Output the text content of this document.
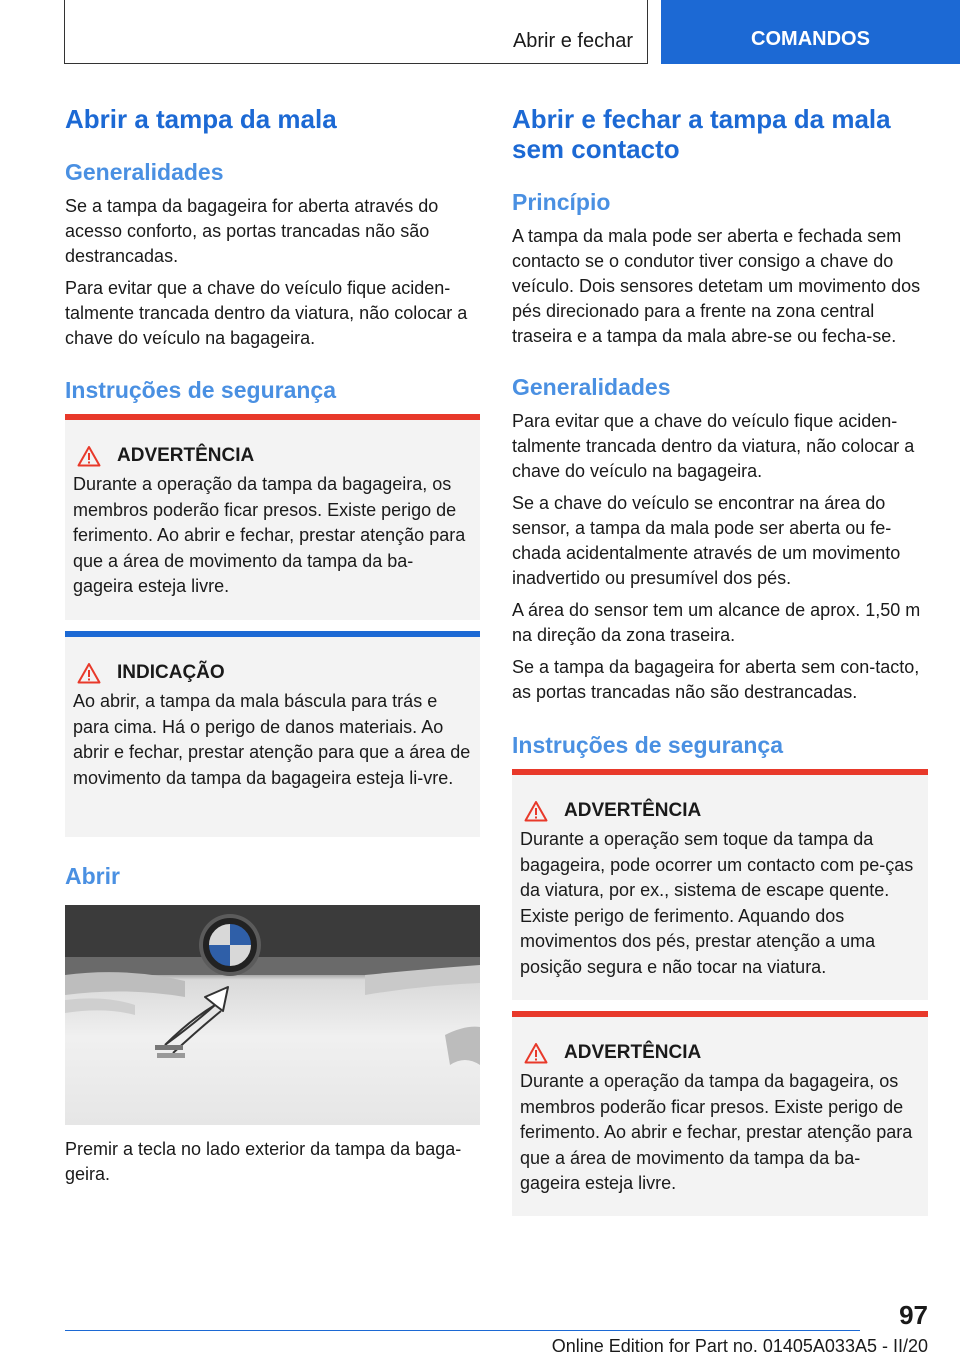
Abrir e fechar	COMANDOS
Abrir a tampa da mala
Generalidades
Se a tampa da bagageira for aberta através do acesso conforto, as portas trancadas não são destrancadas.
Para evitar que a chave do veículo fique aciden-talmente trancada dentro da viatura, não colocar a chave do veículo na bagageira.
Instruções de segurança
ADVERTÊNCIA
Durante a operação da tampa da bagageira, os membros poderão ficar presos. Existe perigo de ferimento. Ao abrir e fechar, prestar atenção para que a área de movimento da tampa da ba-gageira esteja livre.
INDICAÇÃO
Ao abrir, a tampa da mala báscula para trás e para cima. Há o perigo de danos materiais. Ao abrir e fechar, prestar atenção para que a área de movimento da tampa da bagageira esteja li-vre.
Abrir
Premir a tecla no lado exterior da tampa da baga-geira.
Abrir e fechar a tampa da mala sem contacto
Princípio
A tampa da mala pode ser aberta e fechada sem contacto se o condutor tiver consigo a chave do veículo. Dois sensores detetam um movimento dos pés direcionado para a frente na zona central traseira e a tampa da mala abre-se ou fecha-se.
Generalidades
Para evitar que a chave do veículo fique aciden-talmente trancada dentro da viatura, não colocar a chave do veículo na bagageira.
Se a chave do veículo se encontrar na área do sensor, a tampa da mala pode ser aberta ou fe-chada acidentalmente através de um movimento inadvertido ou presumível dos pés.
A área do sensor tem um alcance de aprox. 1,50 m na direção da zona traseira.
Se a tampa da bagageira for aberta sem con-tacto, as portas trancadas não são destrancadas.
Instruções de segurança
ADVERTÊNCIA
Durante a operação sem toque da tampa da bagageira, pode ocorrer um contacto com pe-ças da viatura, por ex., sistema de escape quente. Existe perigo de ferimento. Aquando dos movimentos dos pés, prestar atenção a uma posição segura e não tocar na viatura.
ADVERTÊNCIA
Durante a operação da tampa da bagageira, os membros poderão ficar presos. Existe perigo de ferimento. Ao abrir e fechar, prestar atenção para que a área de movimento da tampa da ba-gageira esteja livre.
97
Online Edition for Part no. 01405A033A5 - II/20
